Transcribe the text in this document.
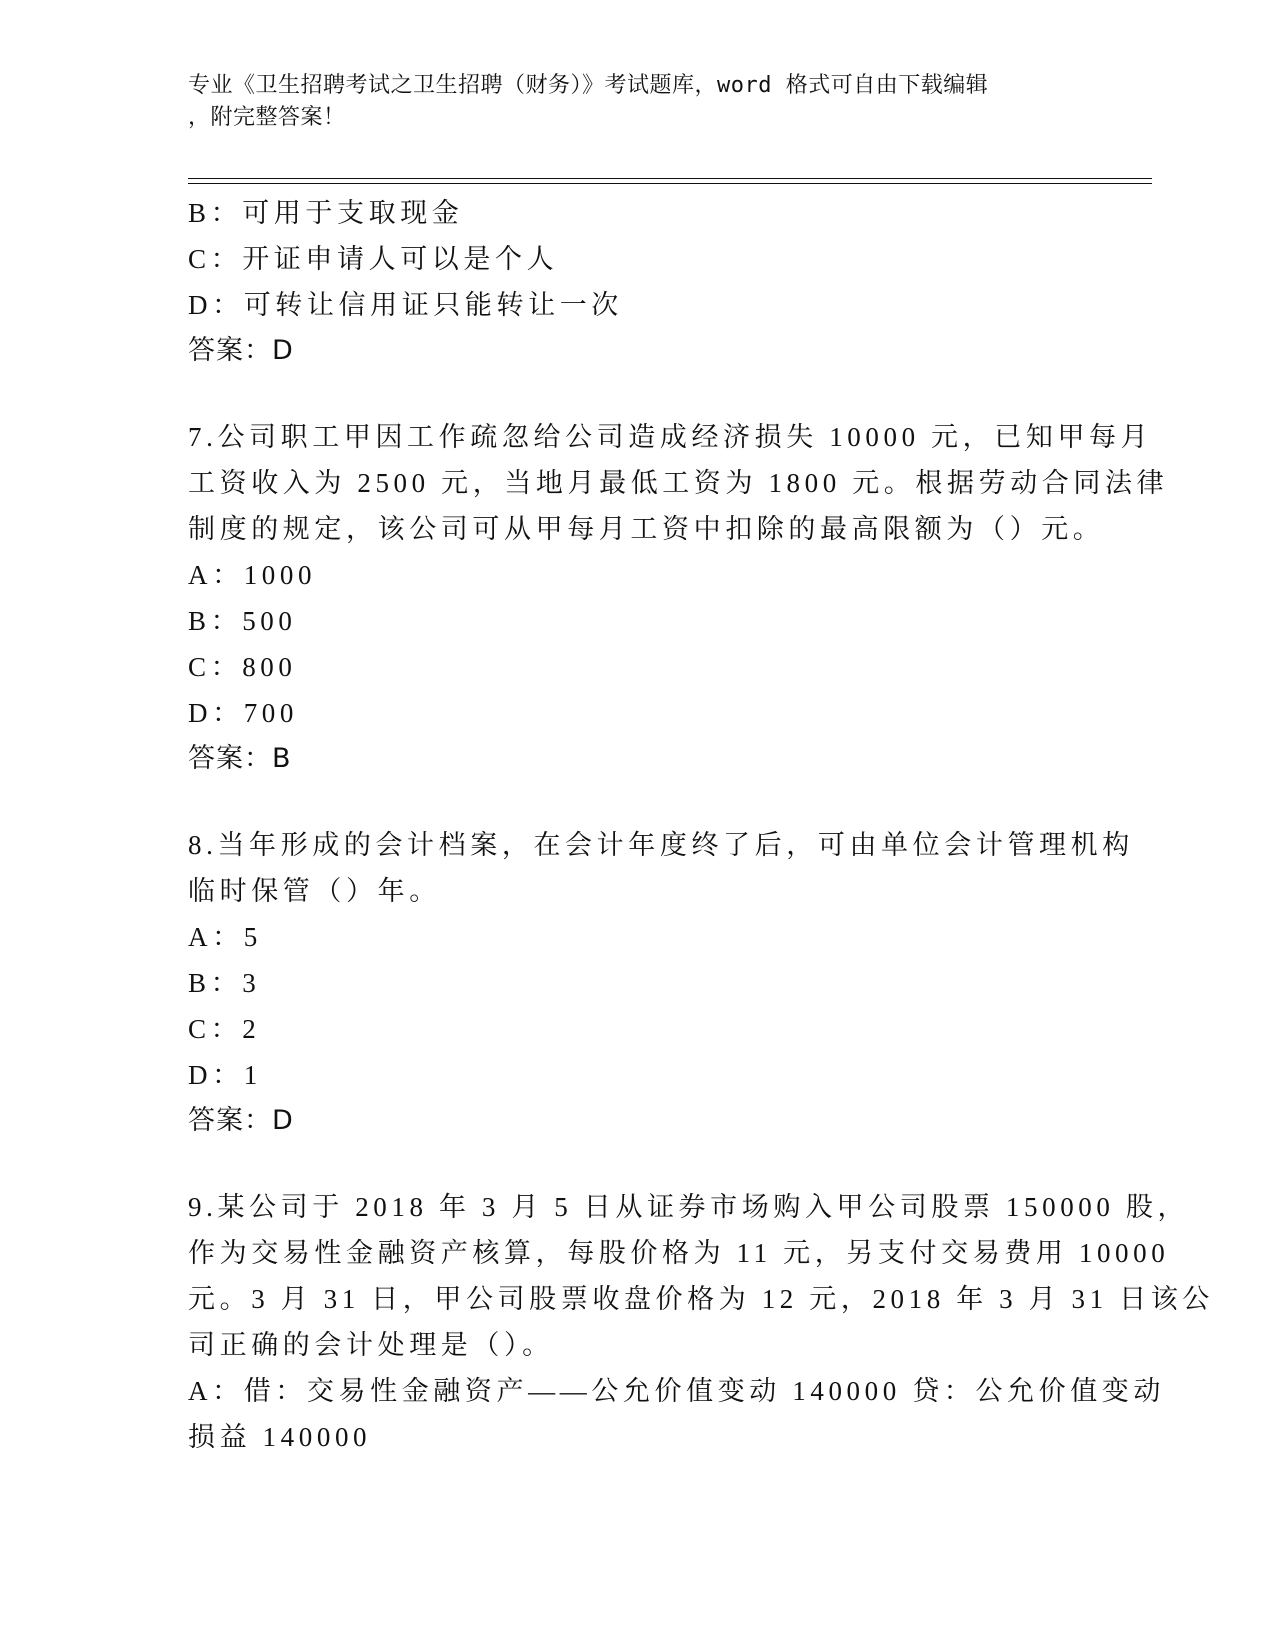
专业《卫生招聘考试之卫生招聘（财务）》考试题库，word 格式可自由下载编辑
，附完整答案！
B：可用于支取现金
C：开证申请人可以是个人
D：可转让信用证只能转让一次
答案：D
7.公司职工甲因工作疏忽给公司造成经济损失 10000 元，已知甲每月
工资收入为 2500 元，当地月最低工资为 1800 元。根据劳动合同法律
制度的规定，该公司可从甲每月工资中扣除的最高限额为（）元。
A：1000
B：500
C：800
D：700
答案：B
8.当年形成的会计档案，在会计年度终了后，可由单位会计管理机构
临时保管（）年。
A：5
B：3
C：2
D：1
答案：D
9.某公司于 2018 年 3 月 5 日从证券市场购入甲公司股票 150000 股，
作为交易性金融资产核算，每股价格为 11 元，另支付交易费用 10000
元。3 月 31 日，甲公司股票收盘价格为 12 元，2018 年 3 月 31 日该公
司正确的会计处理是（）。
A：借：交易性金融资产——公允价值变动 140000 贷：公允价值变动
损益 140000
